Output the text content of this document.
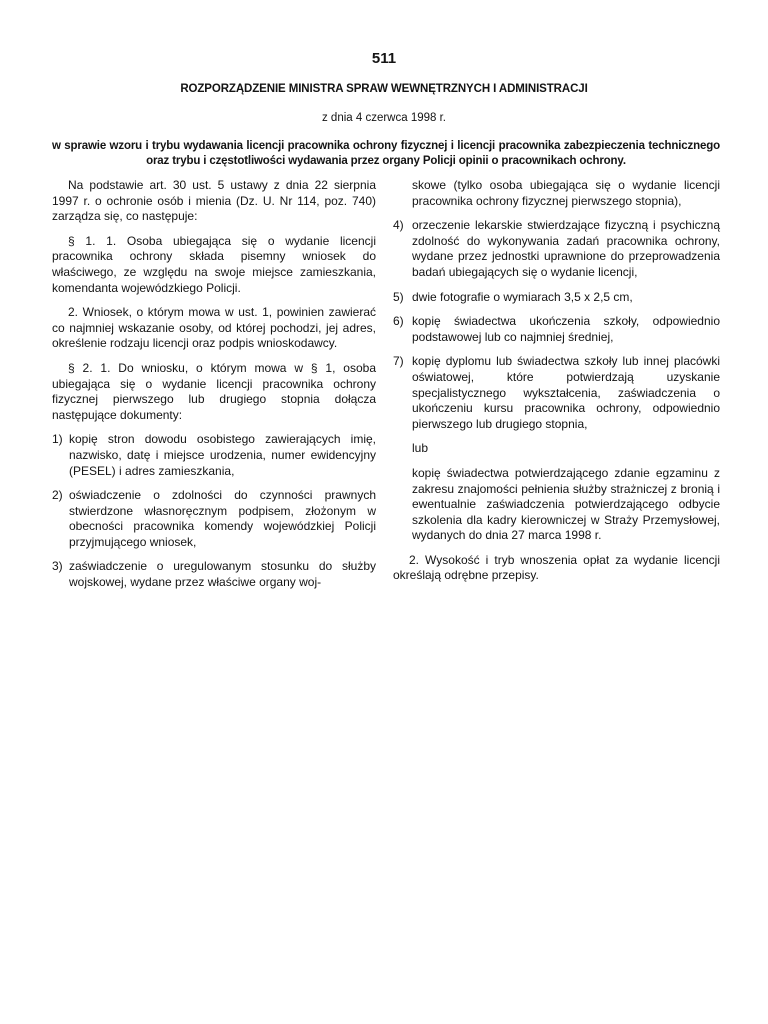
511
ROZPORZĄDZENIE MINISTRA SPRAW WEWNĘTRZNYCH I ADMINISTRACJI
z dnia 4 czerwca 1998 r.
w sprawie wzoru i trybu wydawania licencji pracownika ochrony fizycznej i licencji pracownika zabezpieczenia technicznego oraz trybu i częstotliwości wydawania przez organy Policji opinii o pracownikach ochrony.

Na podstawie art. 30 ust. 5 ustawy z dnia 22 sierpnia 1997 r. o ochronie osób i mienia (Dz. U. Nr 114, poz. 740) zarządza się, co następuje:

§ 1. 1. Osoba ubiegająca się o wydanie licencji pracownika ochrony składa pisemny wniosek do właściwego, ze względu na swoje miejsce zamieszkania, komendanta wojewódzkiego Policji.

2. Wniosek, o którym mowa w ust. 1, powinien zawierać co najmniej wskazanie osoby, od której pochodzi, jej adres, określenie rodzaju licencji oraz podpis wnioskodawcy.

§ 2. 1. Do wniosku, o którym mowa w § 1, osoba ubiegająca się o wydanie licencji pracownika ochrony fizycznej pierwszego lub drugiego stopnia dołącza następujące dokumenty:

1) kopię stron dowodu osobistego zawierających imię, nazwisko, datę i miejsce urodzenia, numer ewidencyjny (PESEL) i adres zamieszkania,
2) oświadczenie o zdolności do czynności prawnych stwierdzone własnoręcznym podpisem, złożonym w obecności pracownika komendy wojewódzkiej Policji przyjmującego wniosek,
3) zaświadczenie o uregulowanym stosunku do służby wojskowej, wydane przez właściwe organy woj-

skowe (tylko osoba ubiegająca się o wydanie licencji pracownika ochrony fizycznej pierwszego stopnia),

4) orzeczenie lekarskie stwierdzające fizyczną i psychiczną zdolność do wykonywania zadań pracownika ochrony, wydane przez jednostki uprawnione do przeprowadzenia badań ubiegających się o wydanie licencji,
5) dwie fotografie o wymiarach 3,5 x 2,5 cm,
6) kopię świadectwa ukończenia szkoły, odpowiednio podstawowej lub co najmniej średniej,
7) kopię dyplomu lub świadectwa szkoły lub innej placówki oświatowej, które potwierdzają uzyskanie specjalistycznego wykształcenia, zaświadczenia o ukończeniu kursu pracownika ochrony, odpowiednio pierwszego lub drugiego stopnia,

lub

kopię świadectwa potwierdzającego zdanie egzaminu z zakresu znajomości pełnienia służby strażniczej z bronią i ewentualnie zaświadczenia potwierdzającego odbycie szkolenia dla kadry kierowniczej w Straży Przemysłowej, wydanych do dnia 27 marca 1998 r.

2. Wysokość i tryb wnoszenia opłat za wydanie licencji określają odrębne przepisy.
